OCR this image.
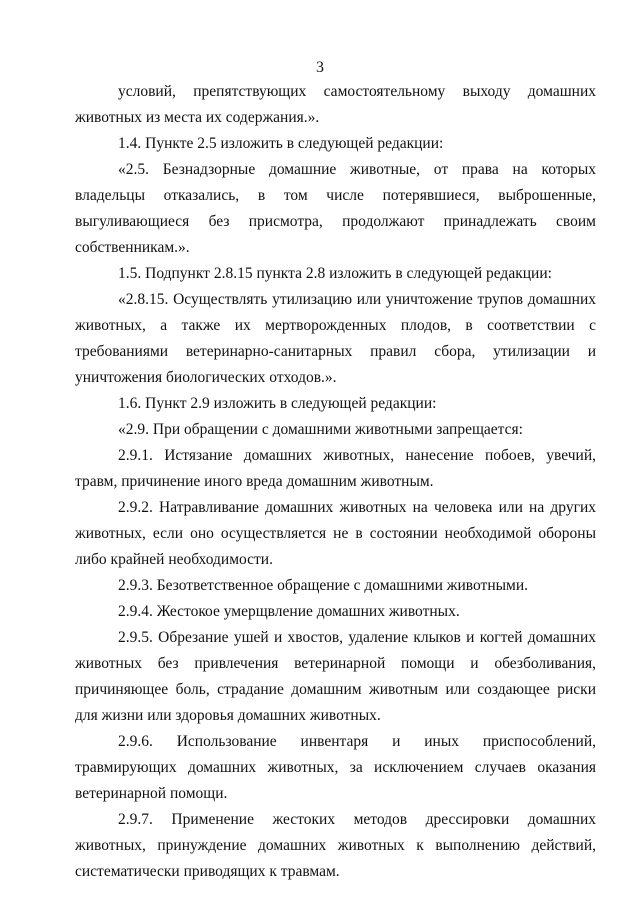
3

условий, препятствующих самостоятельному выходу домашних животных из места их содержания.».

1.4. Пункте 2.5 изложить в следующей редакции:

«2.5. Безнадзорные домашние животные, от права на которых владельцы отказались, в том числе потерявшиеся, выброшенные, выгуливающиеся без присмотра, продолжают принадлежать своим собственникам.».

1.5. Подпункт 2.8.15 пункта 2.8 изложить в следующей редакции:

«2.8.15. Осуществлять утилизацию или уничтожение трупов домашних животных, а также их мертворожденных плодов, в соответствии с требованиями ветеринарно-санитарных правил сбора, утилизации и уничтожения биологических отходов.».

1.6. Пункт 2.9 изложить в следующей редакции:

«2.9. При обращении с домашними животными запрещается:

2.9.1. Истязание домашних животных, нанесение побоев, увечий, травм, причинение иного вреда домашним животным.

2.9.2. Натравливание домашних животных на человека или на других животных, если оно осуществляется не в состоянии необходимой обороны либо крайней необходимости.

2.9.3. Безответственное обращение с домашними животными.

2.9.4. Жестокое умерщвление домашних животных.

2.9.5. Обрезание ушей и хвостов, удаление клыков и когтей домашних животных без привлечения ветеринарной помощи и обезболивания, причиняющее боль, страдание домашним животным или создающее риски для жизни или здоровья домашних животных.

2.9.6. Использование инвентаря и иных приспособлений, травмирующих домашних животных, за исключением случаев оказания ветеринарной помощи.

2.9.7. Применение жестоких методов дрессировки домашних животных, принуждение домашних животных к выполнению действий, систематически приводящих к травмам.
